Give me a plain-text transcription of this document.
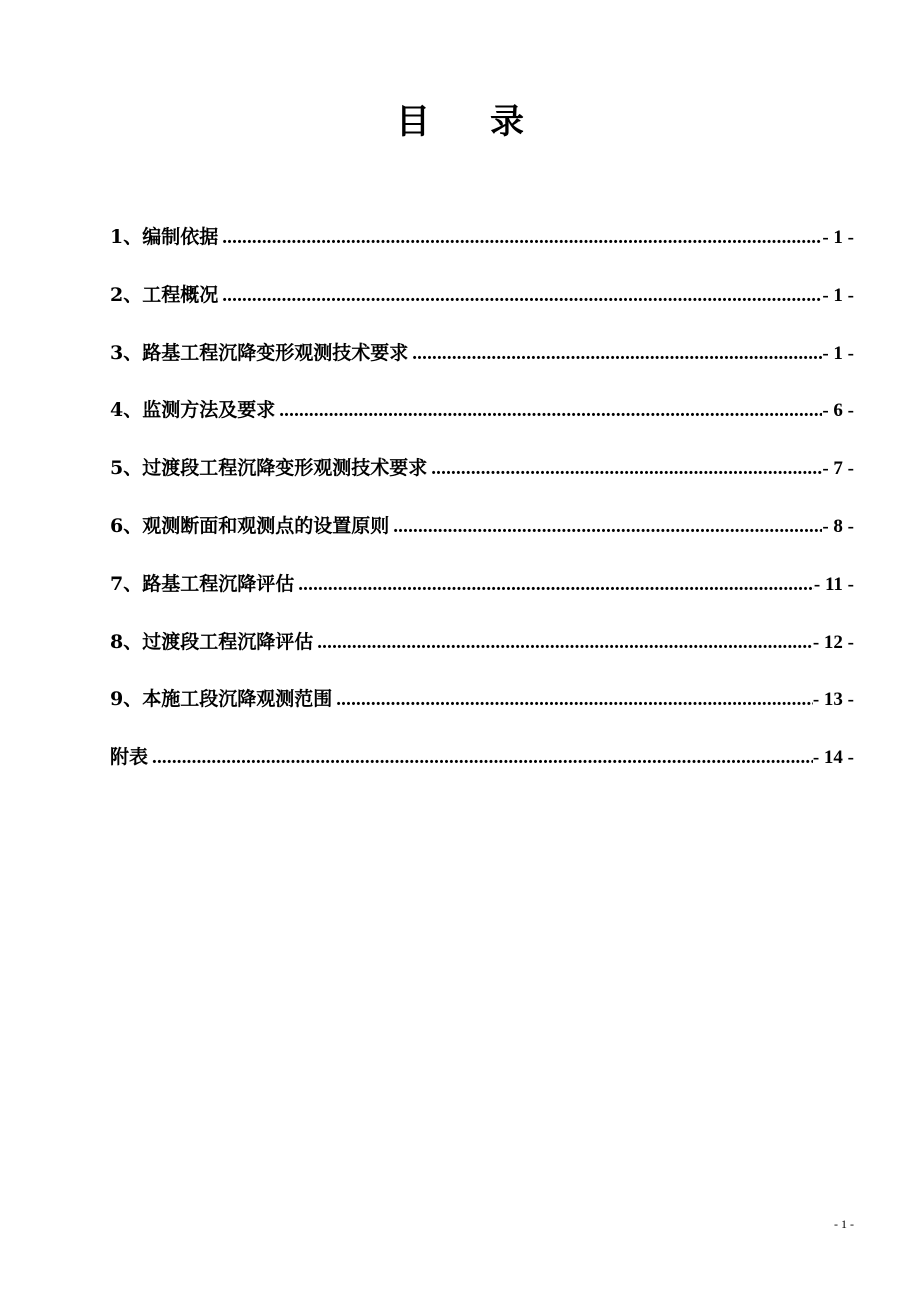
目 录
1、编制依据 .....	- 1 -
2、工程概况 .....	- 1 -
3、路基工程沉降变形观测技术要求 .....	- 1 -
4、监测方法及要求 .....	- 6 -
5、过渡段工程沉降变形观测技术要求 .....	- 7 -
6、观测断面和观测点的设置原则 .....	- 8 -
7、路基工程沉降评估 .....	- 11 -
8、过渡段工程沉降评估 .....	- 12 -
9、本施工段沉降观测范围 .....	- 13 -
附表 .....	- 14 -
- 1 -
